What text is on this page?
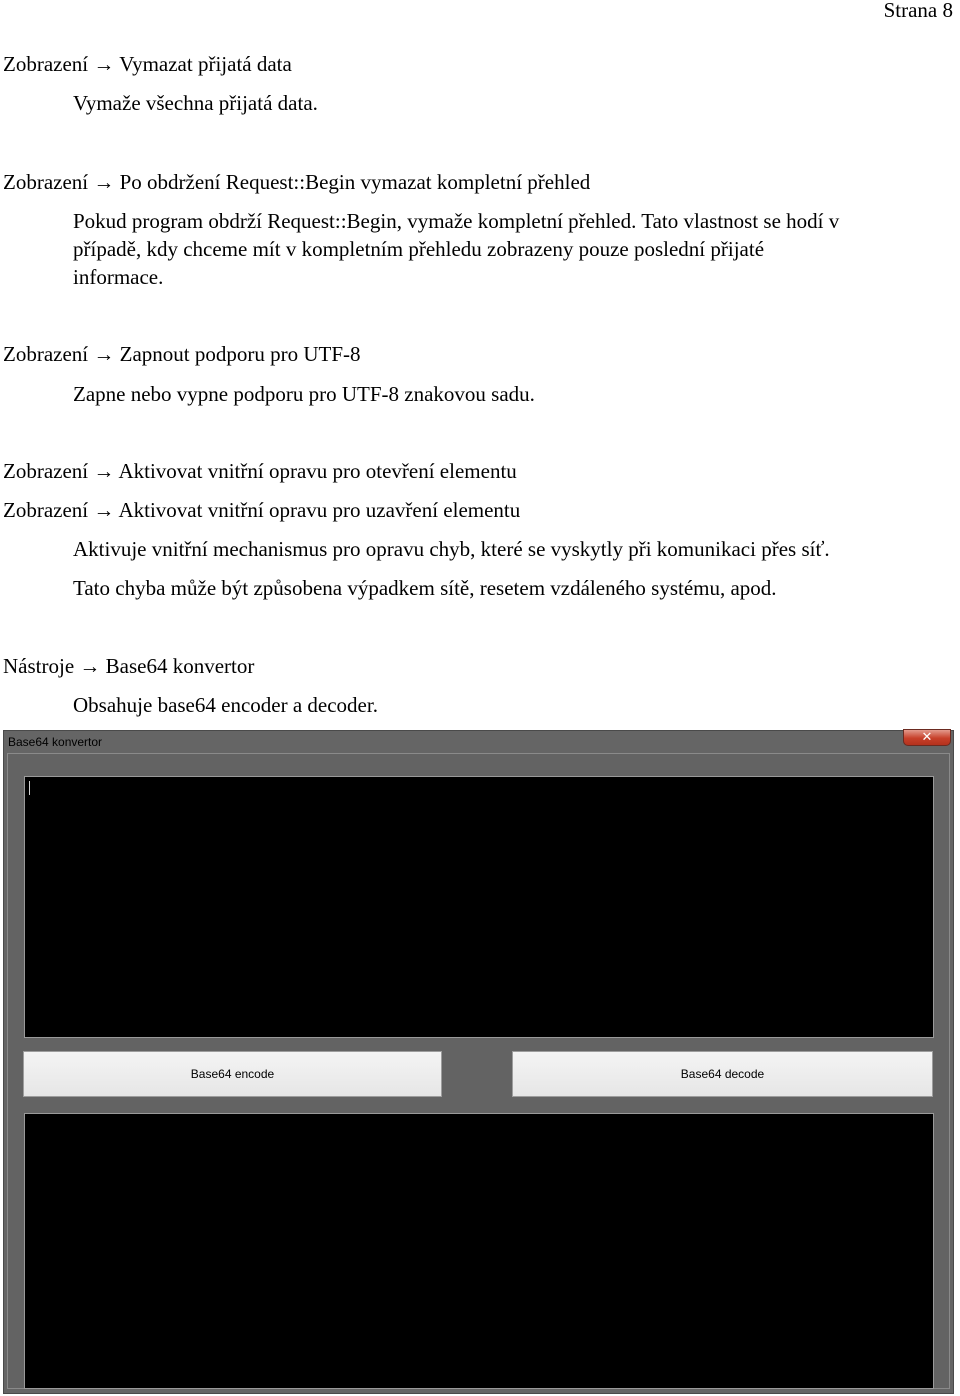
Strana 8
Zobrazení → Vymazat přijatá data
Vymaže všechna přijatá data.
Zobrazení → Po obdržení Request::Begin vymazat kompletní přehled
Pokud program obdrží Request::Begin, vymaže kompletní přehled. Tato vlastnost se hodí v
případě, kdy chceme mít v kompletním přehledu zobrazeny pouze poslední přijaté
informace.
Zobrazení → Zapnout podporu pro UTF-8
Zapne nebo vypne podporu pro UTF-8 znakovou sadu.
Zobrazení → Aktivovat vnitřní opravu pro otevření elementu
Zobrazení → Aktivovat vnitřní opravu pro uzavření elementu
Aktivuje vnitřní mechanismus pro opravu chyb, které se vyskytly při komunikaci přes síť.
Tato chyba může být způsobena výpadkem sítě, resetem vzdáleného systému, apod.
Nástroje → Base64 konvertor
Obsahuje base64 encoder a decoder.
Base64 konvertor	✕
Base64 encode	Base64 decode
